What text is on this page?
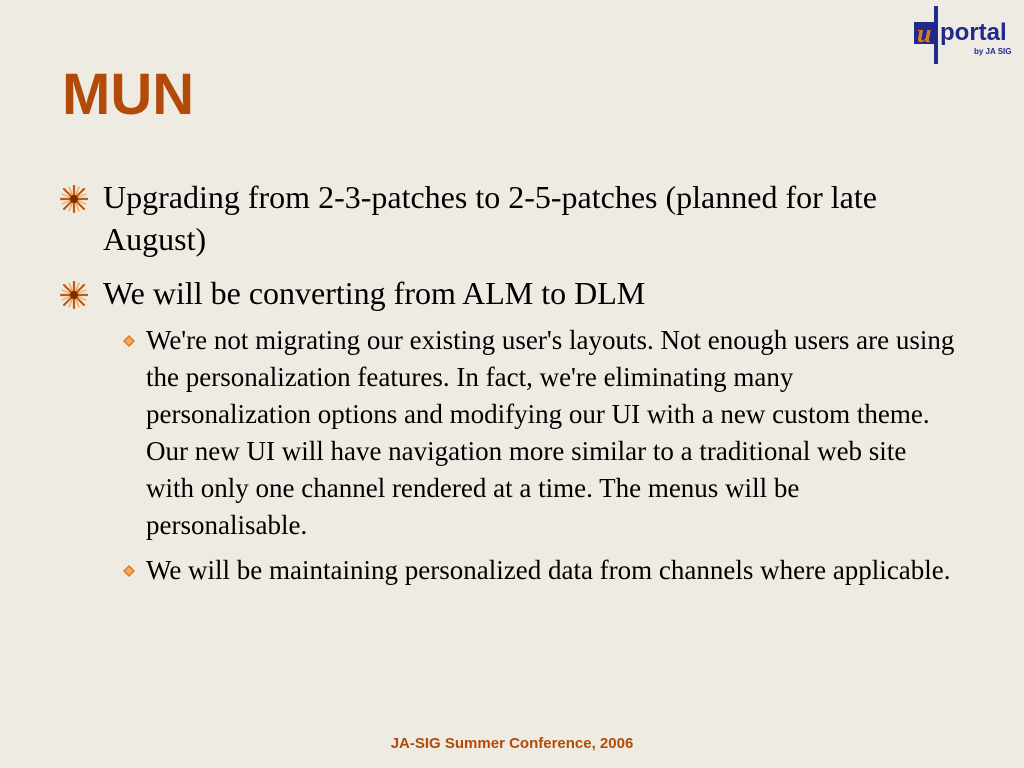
MUN
u portal
by JA SIG
Upgrading from 2-3-patches to 2-5-patches (planned for late August)
We will be converting from ALM to DLM
We're not migrating our existing user's layouts. Not enough users are using the personalization features. In fact, we're eliminating many personalization options and modifying our UI with a new custom theme. Our new UI will have navigation more similar to a traditional web site with only one channel rendered at a time. The menus will be personalisable.
We will be maintaining personalized data from channels where applicable.
JA-SIG Summer Conference, 2006
